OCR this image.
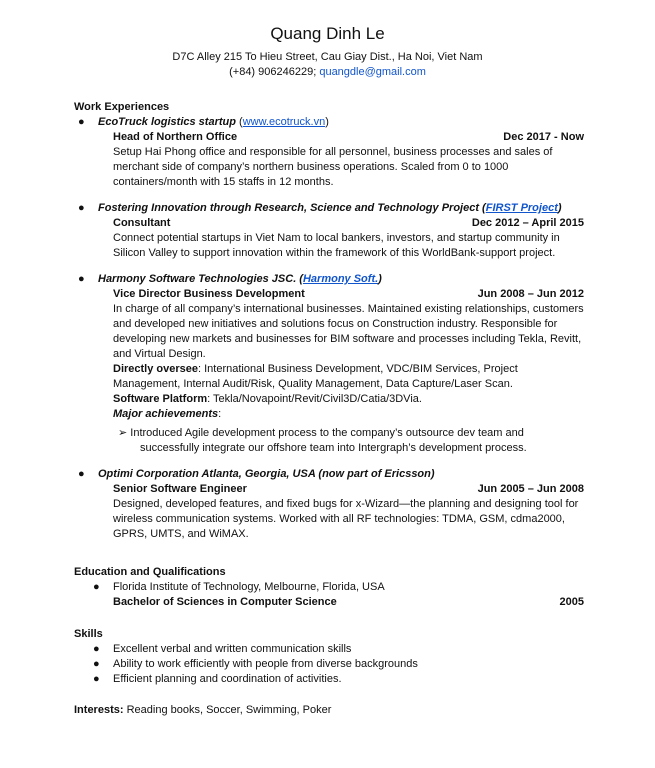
Quang Dinh Le
D7C Alley 215 To Hieu Street, Cau Giay Dist., Ha Noi, Viet Nam
(+84) 906246229; quangdle@gmail.com
Work Experiences
● EcoTruck logistics startup (www.ecotruck.vn)
Head of Northern Office	Dec 2017 - Now
Setup Hai Phong office and responsible for all personnel, business processes and sales of merchant side of company’s northern business operations. Scaled from 0 to 1000 containers/month with 15 staffs in 12 months.
● Fostering Innovation through Research, Science and Technology Project (FIRST Project)
Consultant	Dec 2012 – April 2015
Connect potential startups in Viet Nam to local bankers, investors, and startup community in Silicon Valley to support innovation within the framework of this WorldBank-support project.
● Harmony Software Technologies JSC. (Harmony Soft.)
Vice Director Business Development	Jun 2008 – Jun 2012
In charge of all company’s international businesses. Maintained existing relationships, customers and developed new initiatives and solutions focus on Construction industry. Responsible for developing new markets and businesses for BIM software and processes including Tekla, Revitt, and Virtual Design.
Directly oversee: International Business Development, VDC/BIM Services, Project Management, Internal Audit/Risk, Quality Management, Data Capture/Laser Scan.
Software Platform: Tekla/Novapoint/Revit/Civil3D/Catia/3DVia.
Major achievements:
➢ Introduced Agile development process to the company’s outsource dev team and successfully integrate our offshore team into Intergraph’s development process.
● Optimi Corporation Atlanta, Georgia, USA (now part of Ericsson)
Senior Software Engineer	Jun 2005 – Jun 2008
Designed, developed features, and fixed bugs for x-Wizard—the planning and designing tool for wireless communication systems. Worked with all RF technologies: TDMA, GSM, cdma2000, GPRS, UMTS, and WiMAX.
Education and Qualifications
● Florida Institute of Technology, Melbourne, Florida, USA
Bachelor of Sciences in Computer Science	2005
Skills
● Excellent verbal and written communication skills
● Ability to work efficiently with people from diverse backgrounds
● Efficient planning and coordination of activities.
Interests: Reading books, Soccer, Swimming, Poker
